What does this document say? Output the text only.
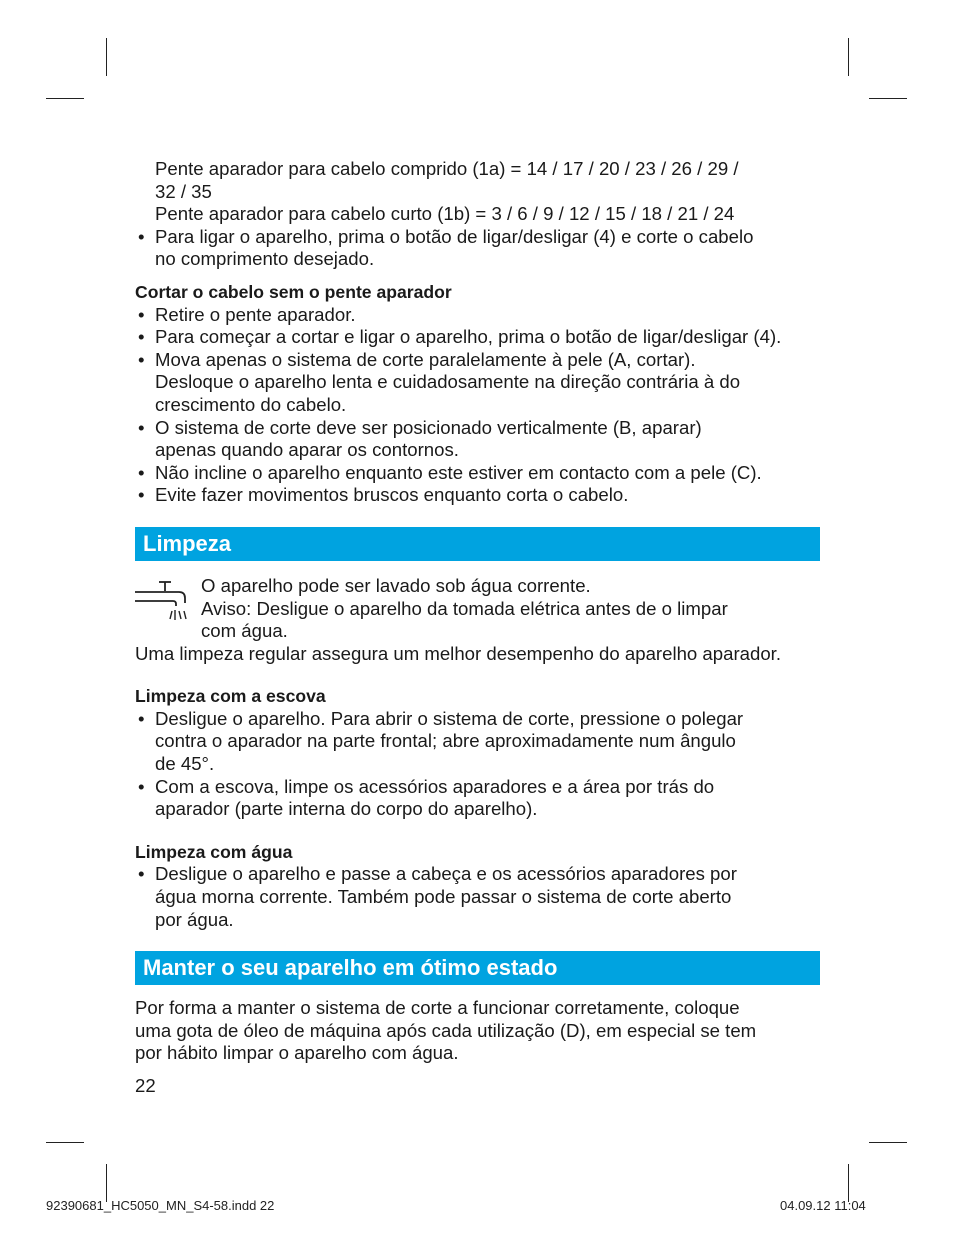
Pente aparador para cabelo comprido (1a) = 14 / 17 / 20 / 23 / 26 / 29 /
32 / 35
Pente aparador para cabelo curto (1b) = 3 / 6 / 9 / 12 / 15 / 18 / 21 / 24
• Para ligar o aparelho, prima o botão de ligar/desligar (4) e corte o cabelo
no comprimento desejado.
Cortar o cabelo sem o pente aparador
• Retire o pente aparador.
• Para começar a cortar e ligar o aparelho, prima o botão de ligar/desligar (4).
• Mova apenas o sistema de corte paralelamente à pele (A, cortar).
Desloque o aparelho lenta e cuidadosamente na direção contrária à do
crescimento do cabelo.
• O sistema de corte deve ser posicionado verticalmente (B, aparar)
apenas quando aparar os contornos.
• Não incline o aparelho enquanto este estiver em contacto com a pele (C).
• Evite fazer movimentos bruscos enquanto corta o cabelo.
Limpeza
O aparelho pode ser lavado sob água corrente.
Aviso: Desligue o aparelho da tomada elétrica antes de o limpar
com água.
Uma limpeza regular assegura um melhor desempenho do aparelho aparador.
Limpeza com a escova
• Desligue o aparelho. Para abrir o sistema de corte, pressione o polegar
contra o aparador na parte frontal; abre aproximadamente num ângulo
de 45°.
• Com a escova, limpe os acessórios aparadores e a área por trás do
aparador (parte interna do corpo do aparelho).
Limpeza com água
• Desligue o aparelho e passe a cabeça e os acessórios aparadores por
água morna corrente. Também pode passar o sistema de corte aberto
por água.
Manter o seu aparelho em ótimo estado
Por forma a manter o sistema de corte a funcionar corretamente, coloque
uma gota de óleo de máquina após cada utilização (D), em especial se tem
por hábito limpar o aparelho com água.
22
92390681_HC5050_MN_S4-58.indd 22	04.09.12 11:04
